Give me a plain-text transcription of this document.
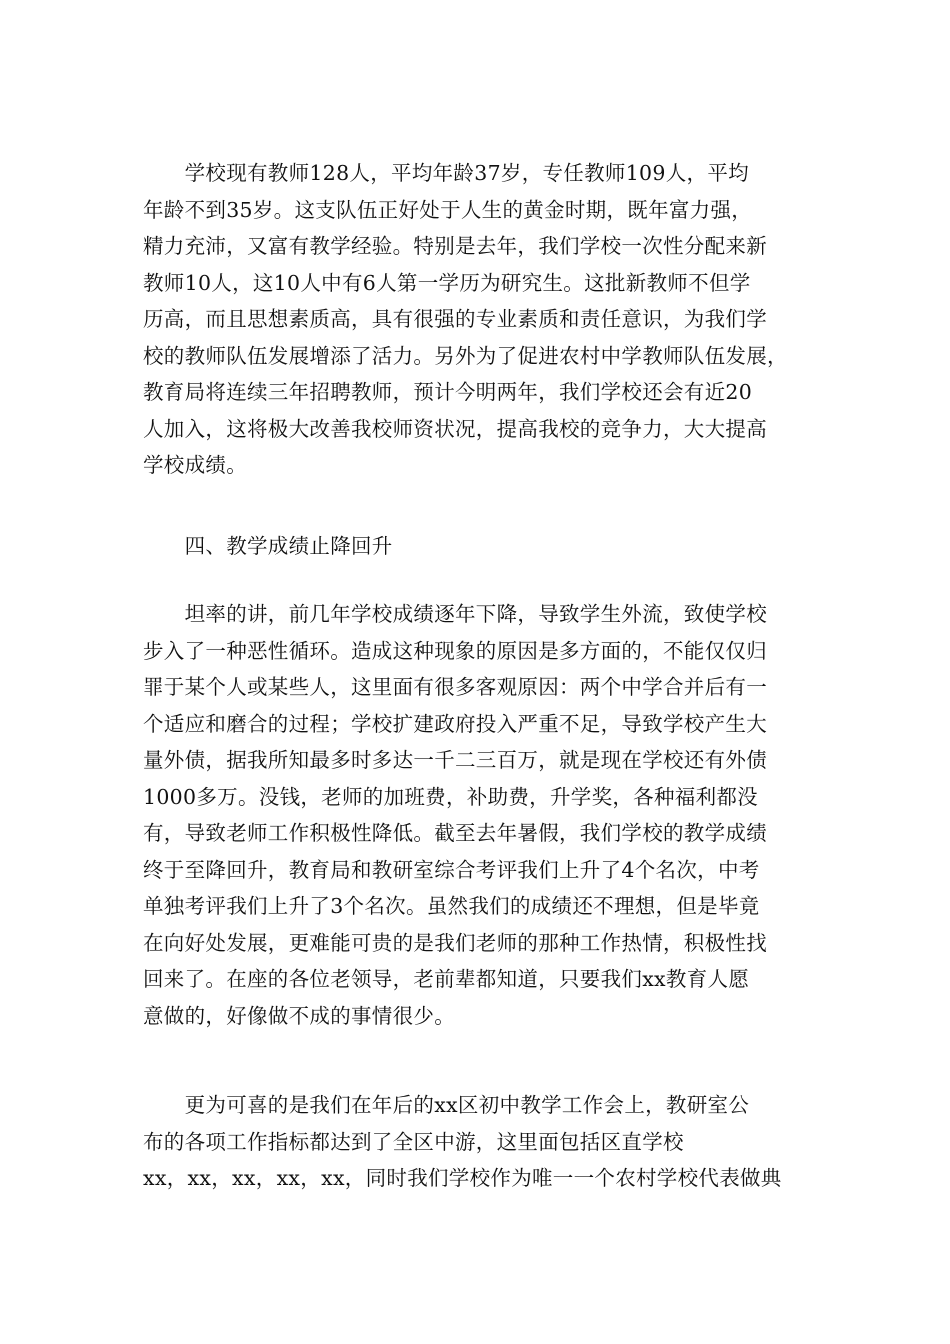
　　学校现有教师128人，平均年龄37岁，专任教师109人，平均
年龄不到35岁。这支队伍正好处于人生的黄金时期，既年富力强，
精力充沛，又富有教学经验。特别是去年，我们学校一次性分配来新
教师10人，这10人中有6人第一学历为研究生。这批新教师不但学
历高，而且思想素质高，具有很强的专业素质和责任意识，为我们学
校的教师队伍发展增添了活力。另外为了促进农村中学教师队伍发展，
教育局将连续三年招聘教师，预计今明两年，我们学校还会有近20
人加入，这将极大改善我校师资状况，提高我校的竞争力，大大提高
学校成绩。
　　四、教学成绩止降回升
　　坦率的讲，前几年学校成绩逐年下降，导致学生外流，致使学校
步入了一种恶性循环。造成这种现象的原因是多方面的，不能仅仅归
罪于某个人或某些人，这里面有很多客观原因：两个中学合并后有一
个适应和磨合的过程；学校扩建政府投入严重不足，导致学校产生大
量外债，据我所知最多时多达一千二三百万，就是现在学校还有外债
1000多万。没钱，老师的加班费，补助费，升学奖，各种福利都没
有，导致老师工作积极性降低。截至去年暑假，我们学校的教学成绩
终于至降回升，教育局和教研室综合考评我们上升了4个名次，中考
单独考评我们上升了3个名次。虽然我们的成绩还不理想，但是毕竟
在向好处发展，更难能可贵的是我们老师的那种工作热情，积极性找
回来了。在座的各位老领导，老前辈都知道，只要我们xx教育人愿
意做的，好像做不成的事情很少。
　　更为可喜的是我们在年后的xx区初中教学工作会上，教研室公
布的各项工作指标都达到了全区中游，这里面包括区直学校
xx，xx，xx，xx，xx，同时我们学校作为唯一一个农村学校代表做典
